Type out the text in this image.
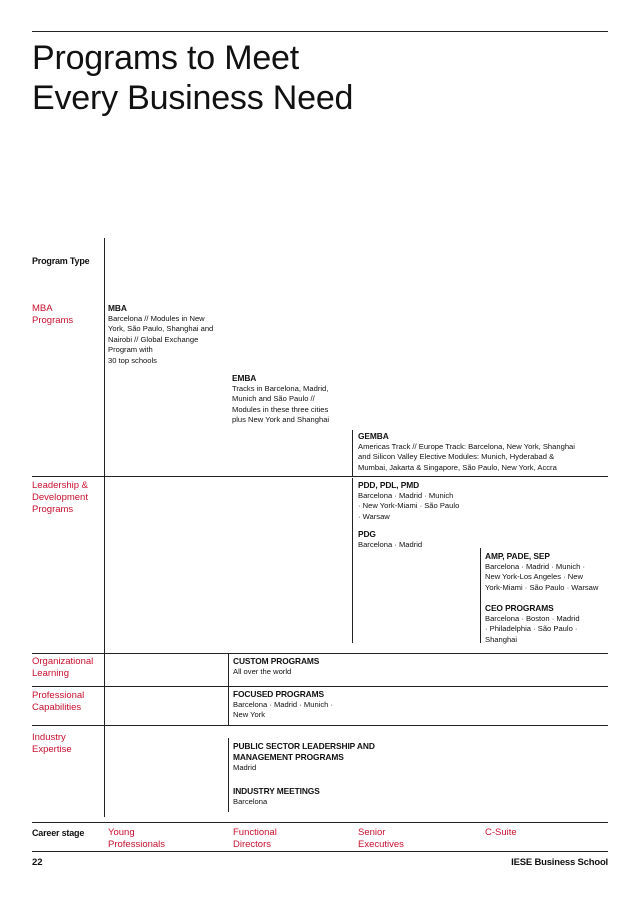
Programs to Meet
Every Business Need
Program Type
MBA
Programs
Leadership &
Development
Programs
Organizational
Learning
Professional
Capabilities
Industry
Expertise
MBA
Barcelona // Modules in New
York, São Paulo, Shanghai and
Nairobi // Global Exchange
Program with
30 top schools
EMBA
Tracks in Barcelona, Madrid,
Munich and São Paulo //
Modules in these three cities
plus New York and Shanghai
GEMBA
Americas Track // Europe Track: Barcelona, New York, Shanghai
and Silicon Valley Elective Modules: Munich, Hyderabad &
Mumbai, Jakarta & Singapore, São Paulo, New York, Accra
PDD, PDL, PMD
Barcelona · Madrid · Munich
· New York-Miami · São Paulo
· Warsaw
PDG
Barcelona · Madrid
AMP, PADE, SEP
Barcelona · Madrid · Munich ·
New York-Los Angeles · New
York-Miami · São Paulo · Warsaw
CEO PROGRAMS
Barcelona · Boston · Madrid
· Philadelphia · São Paulo ·
Shanghai
CUSTOM PROGRAMS
All over the world
FOCUSED PROGRAMS
Barcelona · Madrid · Munich ·
New York
PUBLIC SECTOR LEADERSHIP AND
MANAGEMENT PROGRAMS
Madrid
INDUSTRY MEETINGS
Barcelona
Career stage	Young
Professionals
Functional
Directors
Senior
Executives
C-Suite
22	IESE Business School
